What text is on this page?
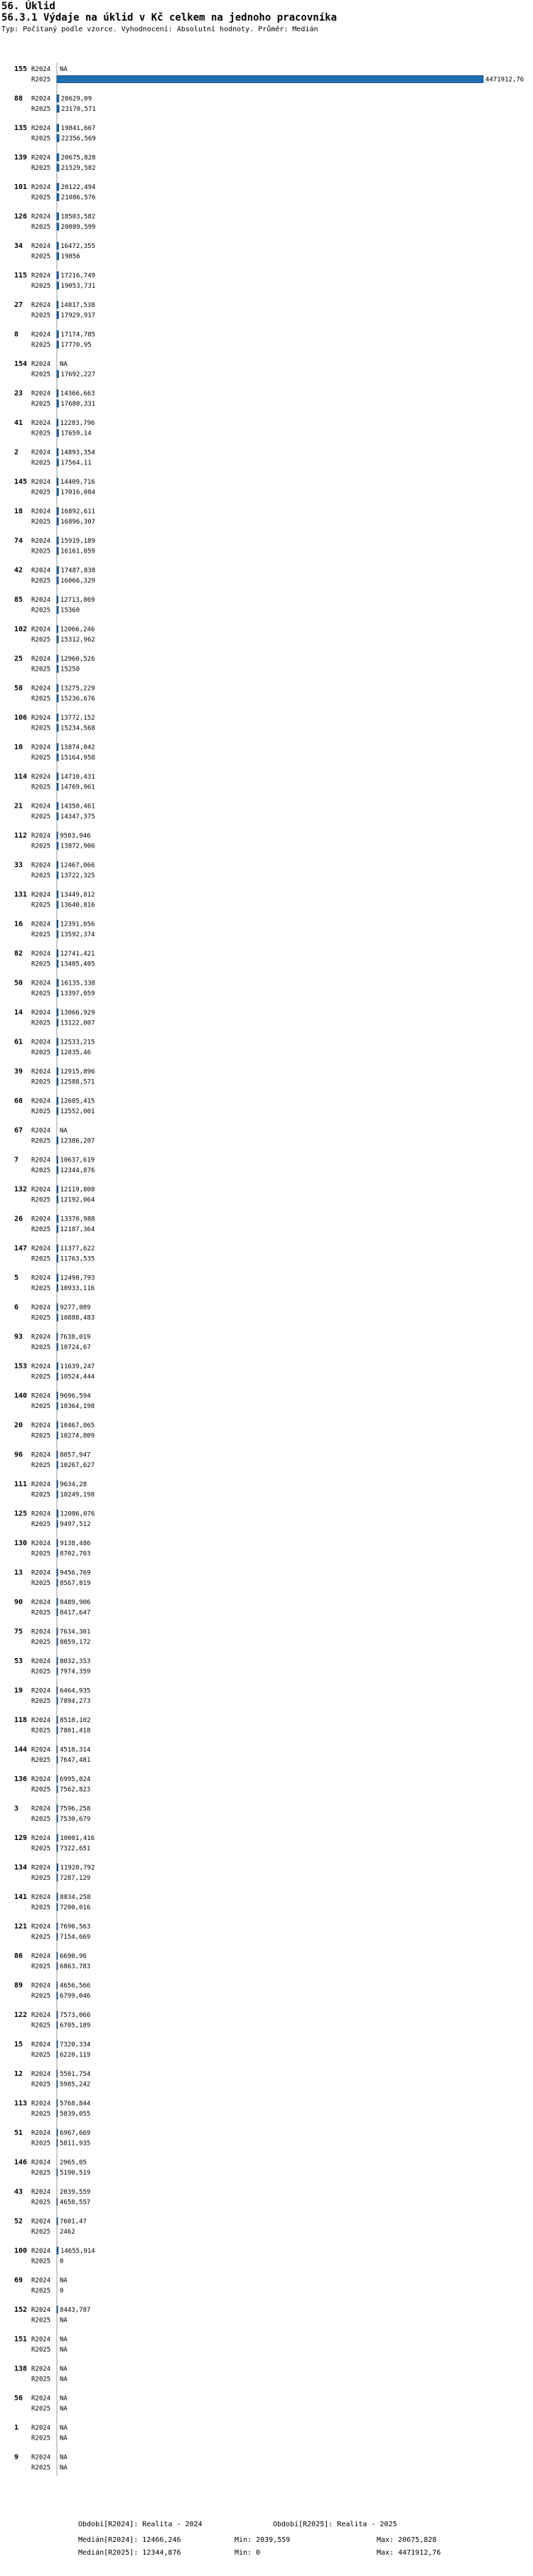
56. Úklid
56.3.1 Výdaje na úklid v Kč celkem na jednoho pracovníka
Typ: Počítaný podle vzorce. Vyhodnocení: Absolutní hodnoty. Průměr: Medián
155 R2024 NA
R2025	4471912,76
88 R2024 20629,09
R2025 23170,571
135 R2024 19841,667
R2025 22356,569
139 R2024 20675,828
R2025 21529,582
101 R2024 20122,494
R2025 21086,576
126 R2024 18503,582
R2025 20089,599
34 R2024 16472,355
R2025 19856
115 R2024 17216,749
R2025 19053,731
27 R2024 14817,538
R2025 17929,917
8 R2024 17174,785
R2025 17770,95
154 R2024 NA
R2025 17692,227
23 R2024 14366,663
R2025 17680,331
41 R2024 12283,796
R2025 17659,14
2 R2024 14893,354
R2025 17564,11
145 R2024 14409,716
R2025 17016,084
18 R2024 16892,611
R2025 16896,307
74 R2024 15919,189
R2025 16161,059
42 R2024 17487,838
R2025 16066,329
85 R2024 12713,869
R2025 15360
102 R2024 12066,246
R2025 15312,962
25 R2024 12960,526
R2025 15250
58 R2024 13275,229
R2025 15236,676
106 R2024 13772,152
R2025 15234,568
10 R2024 13874,042
R2025 15164,958
114 R2024 14710,431
R2025 14769,961
21 R2024 14350,461
R2025 14347,375
112 R2024 9503,946
R2025 13872,906
33 R2024 12467,066
R2025 13722,325
131 R2024 13449,812
R2025 13640,816
16 R2024 12391,056
R2025 13592,374
82 R2024 12741,421
R2025 13405,405
50 R2024 16135,338
R2025 13397,059
14 R2024 13066,929
R2025 13122,007
61 R2024 12533,215
R2025 12835,46
39 R2024 12915,896
R2025 12588,571
68 R2024 12605,415
R2025 12552,001
67 R2024 NA
R2025 12386,207
7 R2024 10637,619
R2025 12344,876
132 R2024 12119,808
R2025 12192,064
26 R2024 13376,988
R2025 12187,364
147 R2024 11377,622
R2025 11763,535
5 R2024 12498,793
R2025 10933,116
6 R2024 9277,089
R2025 10888,483
93 R2024 7638,019
R2025 10724,67
153 R2024 11639,247
R2025 10524,444
140 R2024 9696,594
R2025 10364,198
20 R2024 10467,065
R2025 10274,809
96 R2024 8057,947
R2025 10267,627
111 R2024 9634,28
R2025 10249,198
125 R2024 12086,076
R2025 9497,512
130 R2024 9138,486
R2025 8702,703
13 R2024 9456,769
R2025 8567,819
90 R2024 8489,906
R2025 8417,647
75 R2024 7634,301
R2025 8059,172
53 R2024 8032,353
R2025 7974,359
19 R2024 6464,935
R2025 7894,273
118 R2024 8518,102
R2025 7801,418
144 R2024 4518,314
R2025 7647,481
136 R2024 6995,824
R2025 7562,823
3 R2024 7596,258
R2025 7530,679
129 R2024 10001,416
R2025 7322,651
134 R2024 11920,792
R2025 7287,129
141 R2024 8834,258
R2025 7200,016
121 R2024 7690,563
R2025 7154,669
86 R2024 6690,96
R2025 6863,783
89 R2024 4656,566
R2025 6799,046
122 R2024 7573,066
R2025 6705,189
15 R2024 7320,334
R2025 6220,119
12 R2024 5501,754
R2025 5985,242
113 R2024 5768,844
R2025 5839,055
51 R2024 6967,669
R2025 5811,935
146 R2024 2965,05
R2025 5190,519
43 R2024 2039,559
R2025 4658,557
52 R2024 7601,47
R2025 2462
100 R2024 14655,914
R2025 0
69 R2024 NA
R2025 0
152 R2024 8443,787
R2025 NA
151 R2024 NA
R2025 NA
138 R2024 NA
R2025 NA
56 R2024 NA
R2025 NA
1 R2024 NA
R2025 NA
9 R2024 NA
R2025 NA
Období[R2024]: Realita - 2024	Období[R2025]: Realita - 2025
Medián[R2024]: 12466,246	Min: 2039,559	Max: 20675,828
Medián[R2025]: 12344,876	Min: 0	Max: 4471912,76
